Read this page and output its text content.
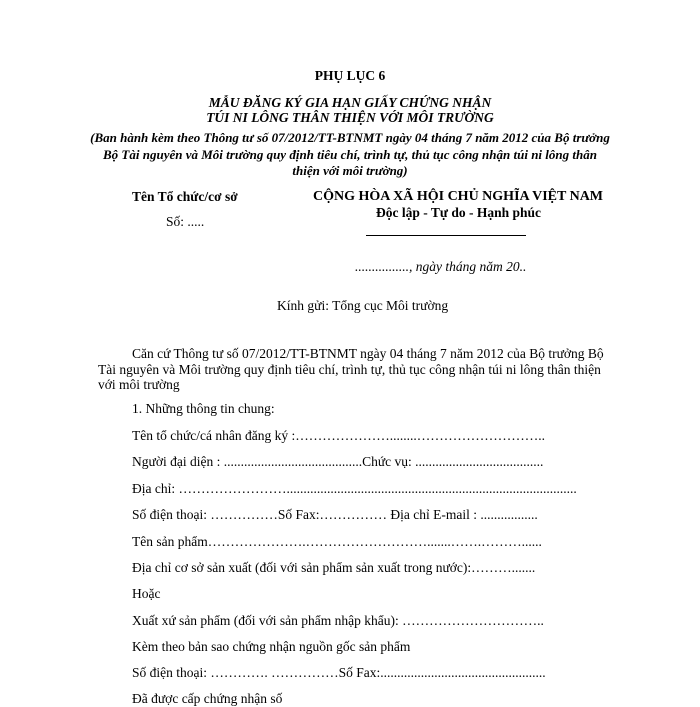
PHỤ LỤC 6
MẪU ĐĂNG KÝ GIA HẠN GIẤY CHỨNG NHẬN
TÚI NI LÔNG THÂN THIỆN VỚI MÔI TRƯỜNG
(Ban hành kèm theo Thông tư số 07/2012/TT-BTNMT ngày 04 tháng 7 năm 2012 của Bộ trưởng
Bộ Tài nguyên và Môi trường quy định tiêu chí, trình tự, thủ tục công nhận túi ni lông thân
thiện với môi trường)
Tên Tổ chức/cơ sở
Số: .....
CỘNG HÒA XÃ HỘI CHỦ NGHĨA VIỆT NAM
Độc lập - Tự do - Hạnh phúc
................, ngày tháng năm 20..
Kính gửi: Tổng cục Môi trường
Căn cứ Thông tư số 07/2012/TT-BTNMT ngày 04 tháng 7 năm 2012 của Bộ trưởng Bộ
Tài nguyên và Môi trường quy định tiêu chí, trình tự, thủ tục công nhận túi ni lông thân thiện
với môi trường
1. Những thông tin chung:
Tên tổ chức/cá nhân đăng ký :…………………........………………………..
Người đại diện : .........................................Chức vụ: ......................................
Địa chỉ: ……………………......................................................................................
Số điện thoại: ……………Số Fax:…………… Địa chỉ E-mail : .................
Tên sản phẩm………………….……………………….......…….………......
Địa chỉ cơ sở sản xuất (đối với sản phẩm sản xuất trong nước):……….......
Hoặc
Xuất xứ sản phẩm (đối với sản phẩm nhập khẩu): …………………………..
Kèm theo bản sao chứng nhận nguồn gốc sản phẩm
Số điện thoại: …………. ……………Số Fax:.................................................
Đã được cấp chứng nhận số
